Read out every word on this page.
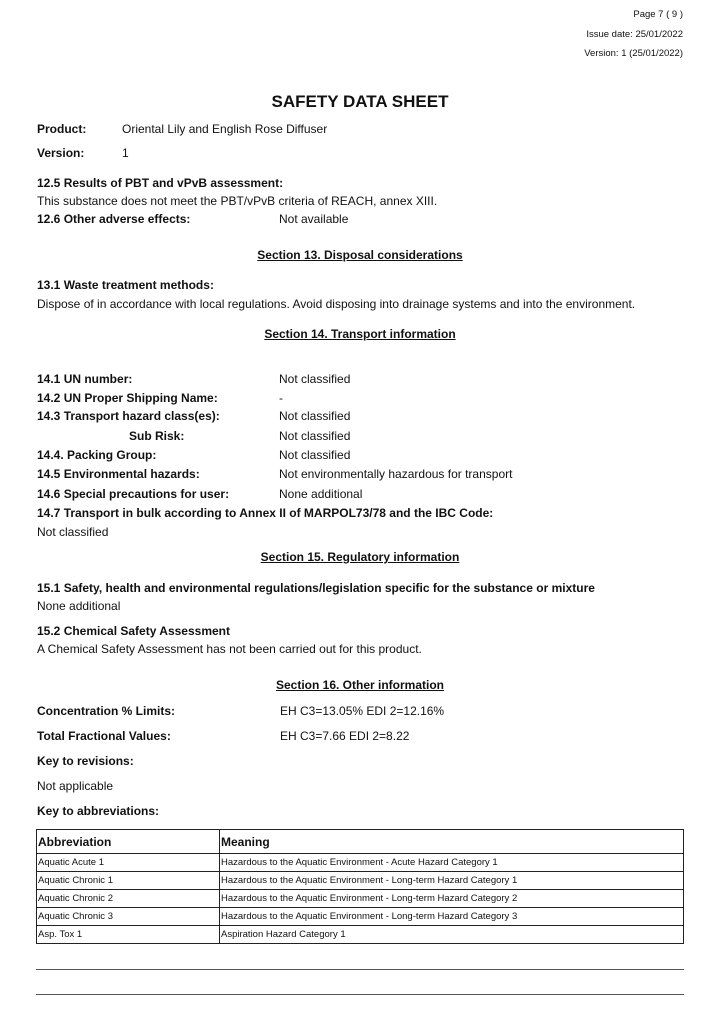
Page 7 ( 9 )
Issue date: 25/01/2022
Version: 1 (25/01/2022)
SAFETY DATA SHEET
Product:	Oriental Lily and English Rose Diffuser
Version:	1
12.5 Results of PBT and vPvB assessment:
This substance does not meet the PBT/vPvB criteria of REACH, annex XIII.
12.6 Other adverse effects:	Not available
Section 13. Disposal considerations
13.1 Waste treatment methods:
Dispose of in accordance with local regulations. Avoid disposing into drainage systems and into the environment.
Section 14. Transport information
14.1 UN number:	Not classified
14.2 UN Proper Shipping Name:	-
14.3 Transport hazard class(es):	Not classified
Sub Risk:	Not classified
14.4. Packing Group:	Not classified
14.5 Environmental hazards:	Not environmentally hazardous for transport
14.6 Special precautions for user:	None additional
14.7 Transport in bulk according to Annex II of MARPOL73/78 and the IBC Code:
Not classified
Section 15. Regulatory information
15.1 Safety, health and environmental regulations/legislation specific for the substance or mixture
None additional
15.2 Chemical Safety Assessment
A Chemical Safety Assessment has not been carried out for this product.
Section 16. Other information
Concentration % Limits:	EH C3=13.05% EDI 2=12.16%
Total Fractional Values:	EH C3=7.66 EDI 2=8.22
Key to revisions:
Not applicable
Key to abbreviations:
Abbreviation	Meaning
Aquatic Acute 1	Hazardous to the Aquatic Environment - Acute Hazard Category 1
Aquatic Chronic 1	Hazardous to the Aquatic Environment - Long-term Hazard Category 1
Aquatic Chronic 2	Hazardous to the Aquatic Environment - Long-term Hazard Category 2
Aquatic Chronic 3	Hazardous to the Aquatic Environment - Long-term Hazard Category 3
Asp. Tox 1	Aspiration Hazard Category 1
